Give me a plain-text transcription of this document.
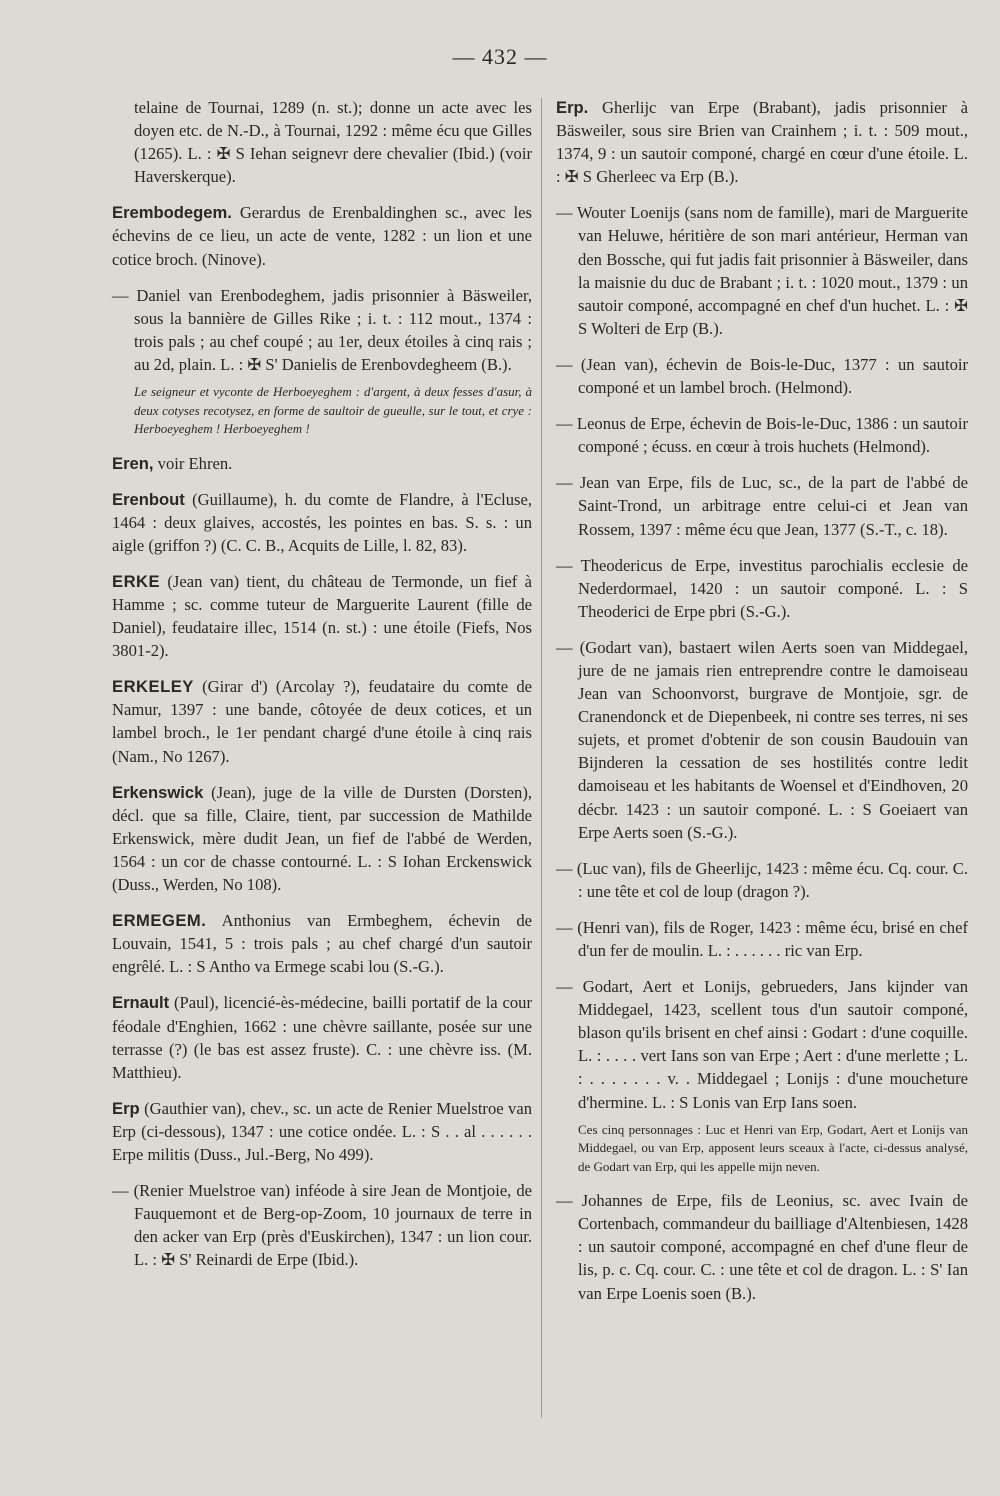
— 432 —
telaine de Tournai, 1289 (n. st.); donne un acte avec les doyen etc. de N.-D., à Tournai, 1292 : même écu que Gilles (1265). L. : ✠ S Iehan seignevr dere chevalier (Ibid.) (voir Haverskerque).
Erembodegem. Gerardus de Erenbaldinghen sc., avec les échevins de ce lieu, un acte de vente, 1282 : un lion et une cotice broch. (Ninove).
— Daniel van Erenbodeghem, jadis prisonnier à Bäsweiler, sous la bannière de Gilles Rike ; i. t. : 112 mout., 1374 : trois pals ; au chef coupé ; au 1er, deux étoiles à cinq rais ; au 2d, plain. L. : ✠ S' Danielis de Erenbovdegheem (B.).
Le seigneur et vyconte de Herboeyeghem : d'argent, à deux fesses d'asur, à deux cotyses recotysez, en forme de saultoir de gueulle, sur le tout, et crye : Herboeyeghem ! Herboeyeghem !
Eren, voir Ehren.
Erenbout (Guillaume), h. du comte de Flandre, à l'Ecluse, 1464 : deux glaives, accostés, les pointes en bas. S. s. : un aigle (griffon ?) (C. C. B., Acquits de Lille, l. 82, 83).
ERKE (Jean van) tient, du château de Termonde, un fief à Hamme ; sc. comme tuteur de Marguerite Laurent (fille de Daniel), feudataire illec, 1514 (n. st.) : une étoile (Fiefs, Nos 3801-2).
ERKELEY (Girar d') (Arcolay ?), feudataire du comte de Namur, 1397 : une bande, côtoyée de deux cotices, et un lambel broch., le 1er pendant chargé d'une étoile à cinq rais (Nam., No 1267).
Erkenswick (Jean), juge de la ville de Dursten (Dorsten), décl. que sa fille, Claire, tient, par succession de Mathilde Erkenswick, mère dudit Jean, un fief de l'abbé de Werden, 1564 : un cor de chasse contourné. L. : S Iohan Erckenswick (Duss., Werden, No 108).
ERMEGEM. Anthonius van Ermbeghem, échevin de Louvain, 1541, 5 : trois pals ; au chef chargé d'un sautoir engrêlé. L. : S Antho va Ermege scabi lou (S.-G.).
Ernault (Paul), licencié-ès-médecine, bailli portatif de la cour féodale d'Enghien, 1662 : une chèvre saillante, posée sur une terrasse (?) (le bas est assez fruste). C. : une chèvre iss. (M. Matthieu).
Erp (Gauthier van), chev., sc. un acte de Renier Muelstroe van Erp (ci-dessous), 1347 : une cotice ondée. L. : S . . al . . . . . . Erpe militis (Duss., Jul.-Berg, No 499).
— (Renier Muelstroe van) inféode à sire Jean de Montjoie, de Fauquemont et de Berg-op-Zoom, 10 journaux de terre in den acker van Erp (près d'Euskirchen), 1347 : un lion cour. L. : ✠ S' Reinardi de Erpe (Ibid.).
Erp. Gherlijc van Erpe (Brabant), jadis prisonnier à Bäsweiler, sous sire Brien van Crainhem ; i. t. : 509 mout., 1374, 9 : un sautoir componé, chargé en cœur d'une étoile. L. : ✠ S Gherleec va Erp (B.).
— Wouter Loenijs (sans nom de famille), mari de Marguerite van Heluwe, héritière de son mari antérieur, Herman van den Bossche, qui fut jadis fait prisonnier à Bäsweiler, dans la maisnie du duc de Brabant ; i. t. : 1020 mout., 1379 : un sautoir componé, accompagné en chef d'un huchet. L. : ✠ S Wolteri de Erp (B.).
— (Jean van), échevin de Bois-le-Duc, 1377 : un sautoir componé et un lambel broch. (Helmond).
— Leonus de Erpe, échevin de Bois-le-Duc, 1386 : un sautoir componé ; écuss. en cœur à trois huchets (Helmond).
— Jean van Erpe, fils de Luc, sc., de la part de l'abbé de Saint-Trond, un arbitrage entre celui-ci et Jean van Rossem, 1397 : même écu que Jean, 1377 (S.-T., c. 18).
— Theodericus de Erpe, investitus parochialis ecclesie de Nederdormael, 1420 : un sautoir componé. L. : S Theoderici de Erpe pbri (S.-G.).
— (Godart van), bastaert wilen Aerts soen van Middegael, jure de ne jamais rien entreprendre contre le damoiseau Jean van Schoonvorst, burgrave de Montjoie, sgr. de Cranendonck et de Diepenbeek, ni contre ses terres, ni ses sujets, et promet d'obtenir de son cousin Baudouin van Bijnderen la cessation de ses hostilités contre ledit damoiseau et les habitants de Woensel et d'Eindhoven, 20 décbr. 1423 : un sautoir componé. L. : S Goeiaert van Erpe Aerts soen (S.-G.).
— (Luc van), fils de Gheerlijc, 1423 : même écu. Cq. cour. C. : une tête et col de loup (dragon ?).
— (Henri van), fils de Roger, 1423 : même écu, brisé en chef d'un fer de moulin. L. : . . . . . . ric van Erp.
— Godart, Aert et Lonijs, gebrueders, Jans kijnder van Middegael, 1423, scellent tous d'un sautoir componé, blason qu'ils brisent en chef ainsi : Godart : d'une coquille. L. : . . . . vert Ians son van Erpe ; Aert : d'une merlette ; L. : . . . . . . . v. . Middegael ; Lonijs : d'une moucheture d'hermine. L. : S Lonis van Erp Ians soen.
Ces cinq personnages : Luc et Henri van Erp, Godart, Aert et Lonijs van Middegael, ou van Erp, apposent leurs sceaux à l'acte, ci-dessus analysé, de Godart van Erp, qui les appelle mijn neven.
— Johannes de Erpe, fils de Leonius, sc. avec Ivain de Cortenbach, commandeur du bailliage d'Altenbiesen, 1428 : un sautoir componé, accompagné en chef d'une fleur de lis, p. c. Cq. cour. C. : une tête et col de dragon. L. : S' Ian van Erpe Loenis soen (B.).
